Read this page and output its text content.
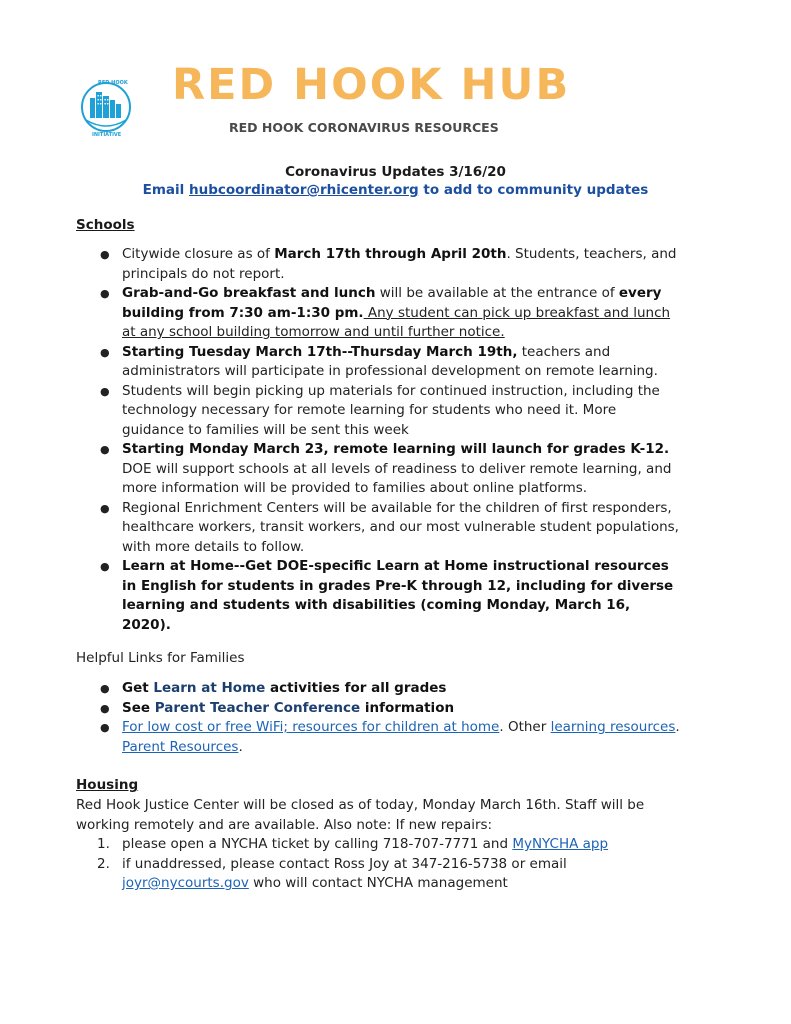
RED HOOK
INITIATIVE
RED HOOK HUB
RED HOOK CORONAVIRUS RESOURCES
Coronavirus Updates 3/16/20
Email hubcoordinator@rhicenter.org to add to community updates
Schools
● Citywide closure as of March 17th through April 20th. Students, teachers, and principals do not report.
● Grab-and-Go breakfast and lunch will be available at the entrance of every building from 7:30 am-1:30 pm. Any student can pick up breakfast and lunch at any school building tomorrow and until further notice.
● Starting Tuesday March 17th--Thursday March 19th, teachers and administrators will participate in professional development on remote learning.
● Students will begin picking up materials for continued instruction, including the technology necessary for remote learning for students who need it. More guidance to families will be sent this week
● Starting Monday March 23, remote learning will launch for grades K-12. DOE will support schools at all levels of readiness to deliver remote learning, and more information will be provided to families about online platforms.
● Regional Enrichment Centers will be available for the children of first responders, healthcare workers, transit workers, and our most vulnerable student populations, with more details to follow.
● Learn at Home--Get DOE-specific Learn at Home instructional resources in English for students in grades Pre-K through 12, including for diverse learning and students with disabilities (coming Monday, March 16, 2020).
Helpful Links for Families
● Get Learn at Home activities for all grades
● See Parent Teacher Conference information
● For low cost or free WiFi; resources for children at home. Other learning resources.
Parent Resources.
Housing
Red Hook Justice Center will be closed as of today, Monday March 16th. Staff will be working remotely and are available. Also note: If new repairs:
1. please open a NYCHA ticket by calling 718-707-7771 and MyNYCHA app
2. if unaddressed, please contact Ross Joy at 347-216-5738 or email joyr@nycourts.gov who will contact NYCHA management
